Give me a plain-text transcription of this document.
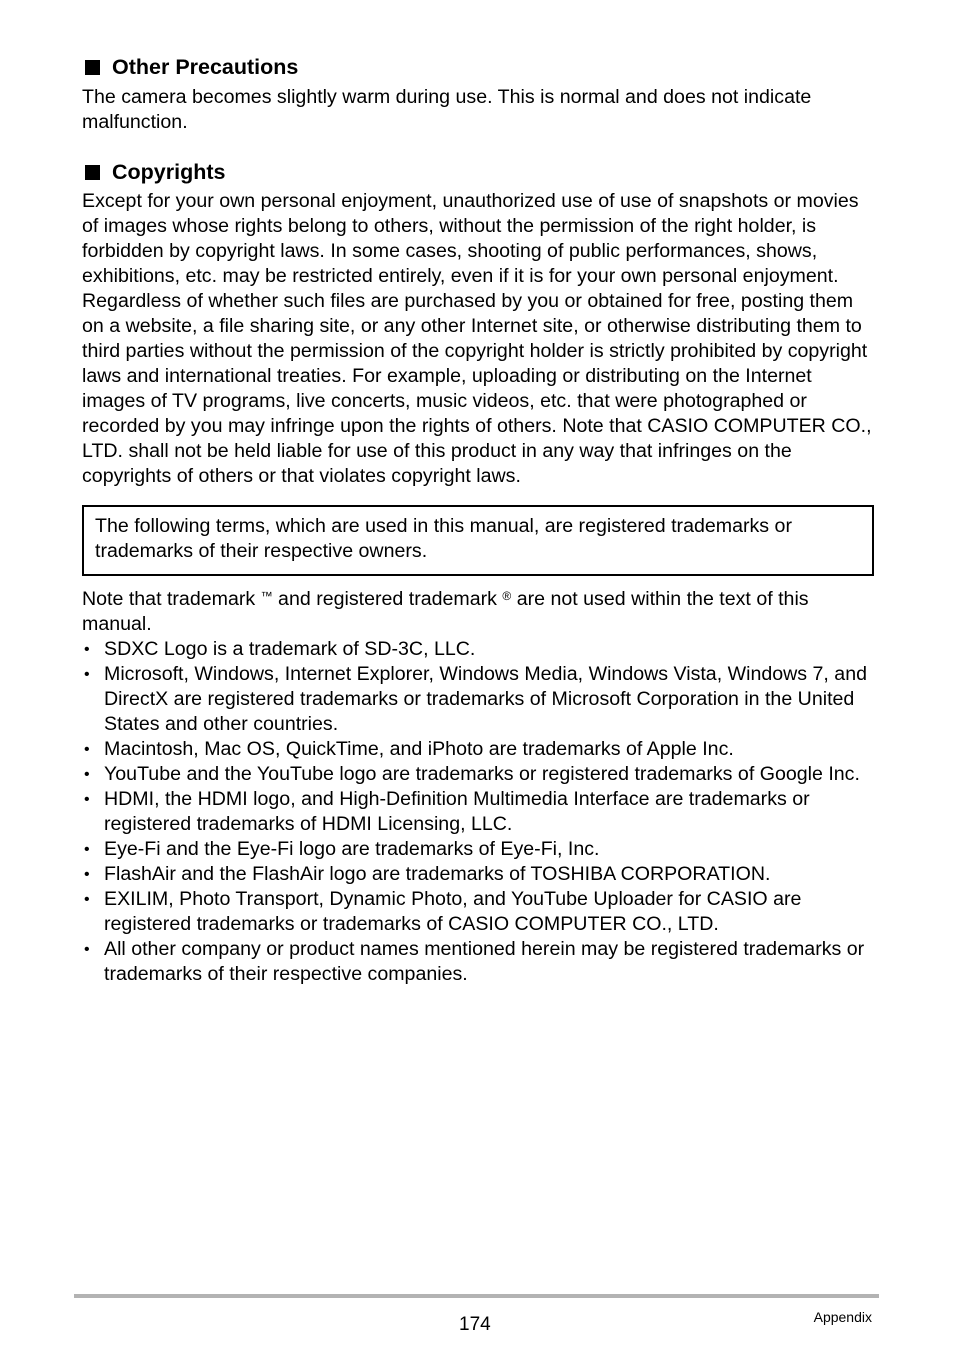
Other Precautions

The camera becomes slightly warm during use. This is normal and does not indicate malfunction.

Copyrights

Except for your own personal enjoyment, unauthorized use of use of snapshots or movies of images whose rights belong to others, without the permission of the right holder, is forbidden by copyright laws. In some cases, shooting of public performances, shows, exhibitions, etc. may be restricted entirely, even if it is for your own personal enjoyment. Regardless of whether such files are purchased by you or obtained for free, posting them on a website, a file sharing site, or any other Internet site, or otherwise distributing them to third parties without the permission of the copyright holder is strictly prohibited by copyright laws and international treaties. For example, uploading or distributing on the Internet images of TV programs, live concerts, music videos, etc. that were photographed or recorded by you may infringe upon the rights of others. Note that CASIO COMPUTER CO., LTD. shall not be held liable for use of this product in any way that infringes on the copyrights of others or that violates copyright laws.

The following terms, which are used in this manual, are registered trademarks or trademarks of their respective owners.

Note that trademark ™ and registered trademark ® are not used within the text of this manual.

• SDXC Logo is a trademark of SD-3C, LLC.
• Microsoft, Windows, Internet Explorer, Windows Media, Windows Vista, Windows 7, and DirectX are registered trademarks or trademarks of Microsoft Corporation in the United States and other countries.
• Macintosh, Mac OS, QuickTime, and iPhoto are trademarks of Apple Inc.
• YouTube and the YouTube logo are trademarks or registered trademarks of Google Inc.
• HDMI, the HDMI logo, and High-Definition Multimedia Interface are trademarks or registered trademarks of HDMI Licensing, LLC.
• Eye-Fi and the Eye-Fi logo are trademarks of Eye-Fi, Inc.
• FlashAir and the FlashAir logo are trademarks of TOSHIBA CORPORATION.
• EXILIM, Photo Transport, Dynamic Photo, and YouTube Uploader for CASIO are registered trademarks or trademarks of CASIO COMPUTER CO., LTD.
• All other company or product names mentioned herein may be registered trademarks or trademarks of their respective companies.
174	Appendix
